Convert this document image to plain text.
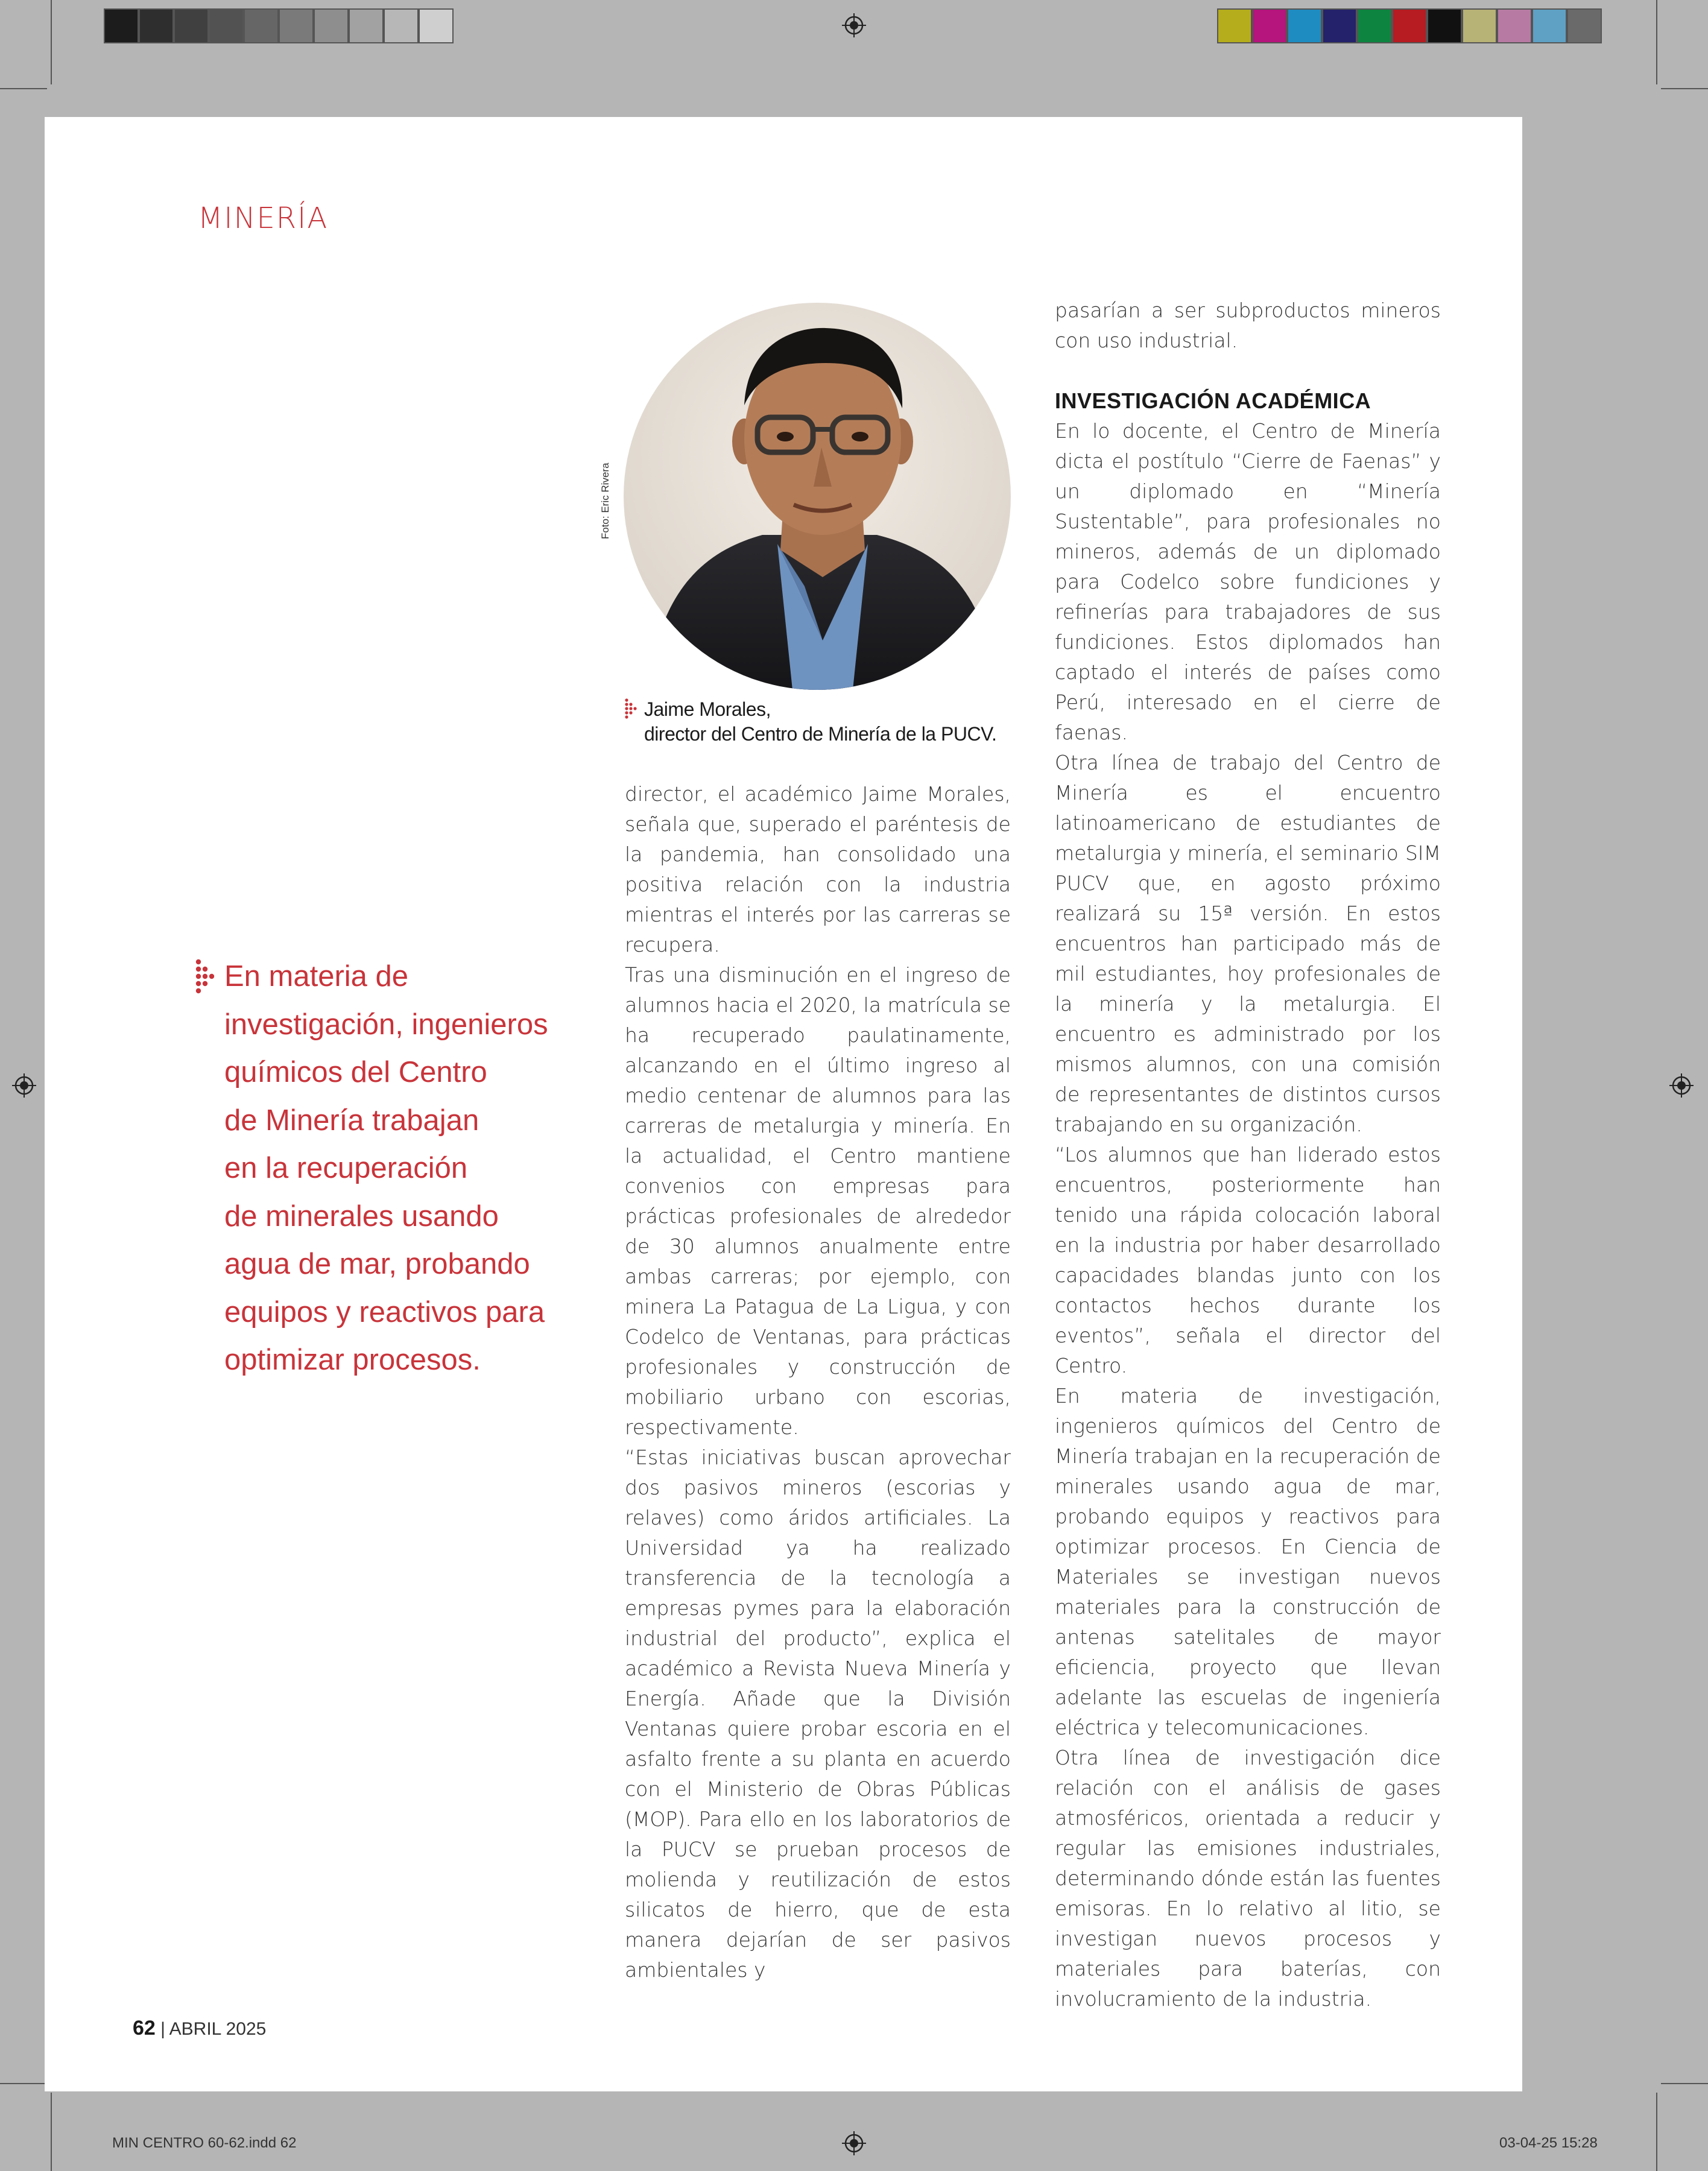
MIN CENTRO 60-62.indd 62	03-04-25 15:28
MINERÍA
En materia de
investigación, ingenieros
químicos del Centro
de Minería trabajan
en la recuperación
de minerales usando
agua de mar, probando
equipos y reactivos para
optimizar procesos.
Foto: Eric Rivera
Jaime Morales,
director del Centro de Minería de la PUCV.

director, el académico Jaime Morales, señala que, superado el paréntesis de la pandemia, han consolidado una positiva relación con la industria mientras el interés por las carreras se recupera.

Tras una disminución en el ingreso de alumnos hacia el 2020, la matrícula se ha recuperado paulatinamente, alcanzando en el último ingreso al medio centenar de alumnos para las carreras de metalurgia y minería. En la actualidad, el Centro mantiene convenios con empresas para prácticas profesionales de alrededor de 30 alumnos anualmente entre ambas carreras; por ejemplo, con minera La Patagua de La Ligua, y con Codelco de Ventanas, para prácticas profesionales y construcción de mobiliario urbano con escorias, respectivamente.

“Estas iniciativas buscan aprovechar dos pasivos mineros (escorias y relaves) como áridos artificiales. La Universidad ya ha realizado transferencia de la tecnología a empresas pymes para la elaboración industrial del producto”, explica el académico a Revista Nueva Minería y Energía. Añade que la División Ventanas quiere probar escoria en el asfalto frente a su planta en acuerdo con el Ministerio de Obras Públicas (MOP). Para ello en los laboratorios de la PUCV se prueban procesos de molienda y reutilización de estos silicatos de hierro, que de esta manera dejarían de ser pasivos ambientales y

pasarían a ser subproductos mineros con uso industrial.

INVESTIGACIÓN ACADÉMICA

En lo docente, el Centro de Minería dicta el postítulo “Cierre de Faenas” y un diplomado en “Minería Sustentable”, para profesionales no mineros, además de un diplomado para Codelco sobre fundiciones y refinerías para trabajadores de sus fundiciones. Estos diplomados han captado el interés de países como Perú, interesado en el cierre de faenas.

Otra línea de trabajo del Centro de Minería es el encuentro latinoamericano de estudiantes de metalurgia y minería, el seminario SIM PUCV que, en agosto próximo realizará su 15ª versión. En estos encuentros han participado más de mil estudiantes, hoy profesionales de la minería y la metalurgia. El encuentro es administrado por los mismos alumnos, con una comisión de representantes de distintos cursos trabajando en su organización.

“Los alumnos que han liderado estos encuentros, posteriormente han tenido una rápida colocación laboral en la industria por haber desarrollado capacidades blandas junto con los contactos hechos durante los eventos”, señala el director del Centro.

En materia de investigación, ingenieros químicos del Centro de Minería trabajan en la recuperación de minerales usando agua de mar, probando equipos y reactivos para optimizar procesos. En Ciencia de Materiales se investigan nuevos materiales para la construcción de antenas satelitales de mayor eficiencia, proyecto que llevan adelante las escuelas de ingeniería eléctrica y telecomunicaciones.

Otra línea de investigación dice relación con el análisis de gases atmosféricos, orientada a reducir y regular las emisiones industriales, determinando dónde están las fuentes emisoras. En lo relativo al litio, se investigan nuevos procesos y materiales para baterías, con involucramiento de la industria.

62 | ABRIL 2025
